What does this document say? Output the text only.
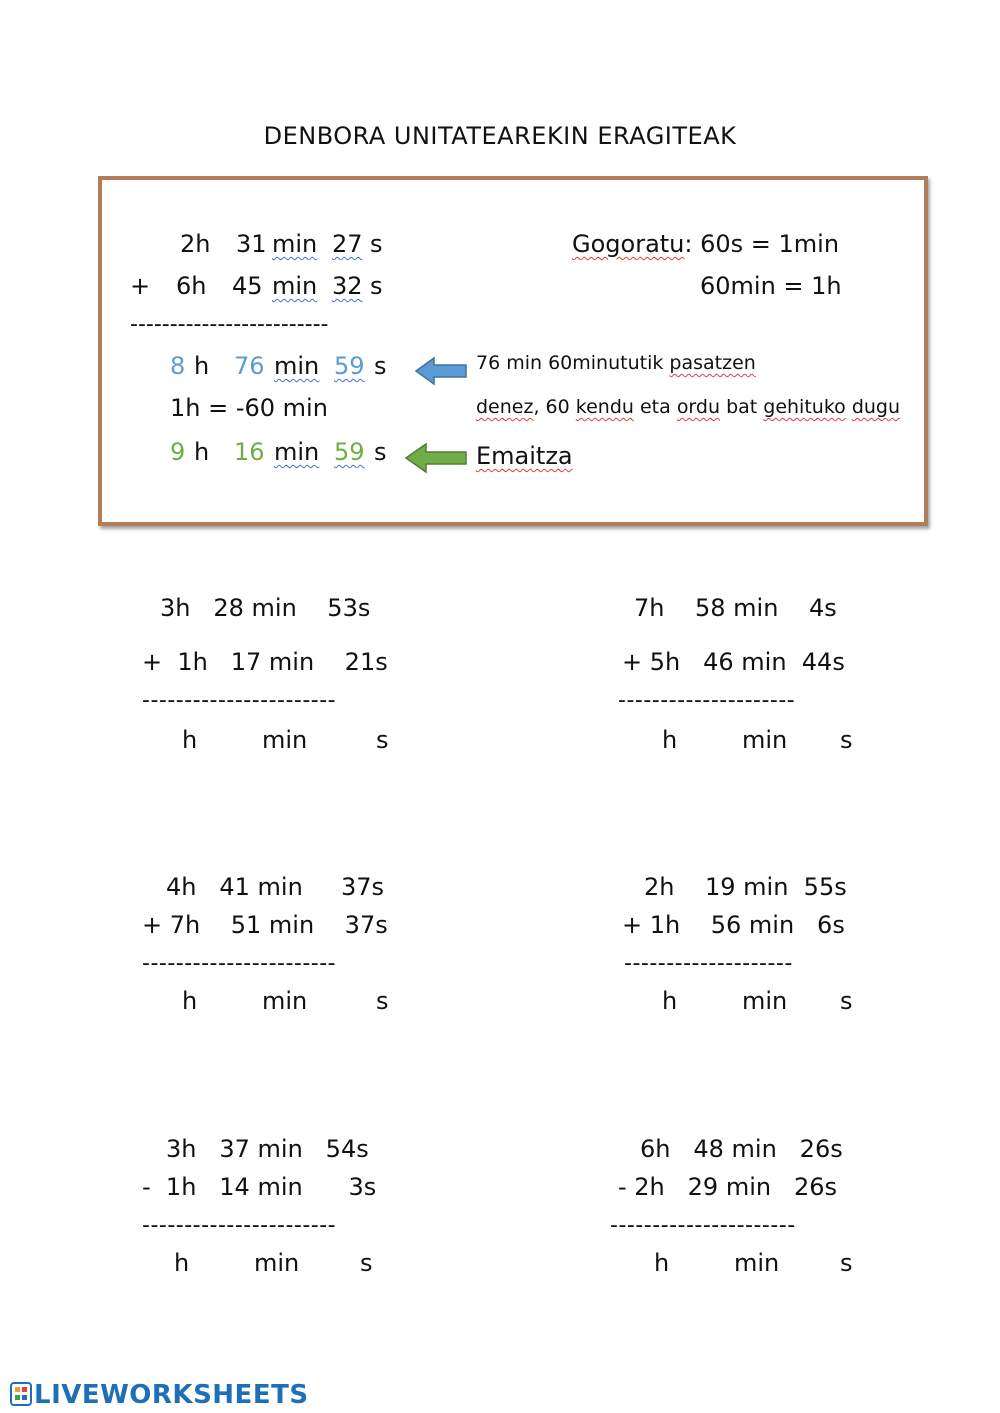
DENBORA UNITATEAREKIN ERAGITEAK
2h 31 min 27 s
+ 6h 45 min 32 s
-------------------------
8 h 76 min 59 s
1h = -60 min
9 h 16 min 59 s
Gogoratu: 60s = 1min
60min = 1h
76 min 60minututik pasatzen
denez, 60 kendu eta ordu bat gehituko dugu
Emaitza
3h   28 min    53s
+  1h   17 min    21s
-----------------------
h	min	s
7h    58 min    4s
+ 5h   46 min  44s
---------------------
h	min s
4h   41 min     37s
+ 7h    51 min    37s
-----------------------
h	min	s
2h    19 min  55s
+ 1h    56 min   6s
--------------------
h	min s
3h   37 min   54s
-  1h   14 min      3s
-----------------------
h	min	s
6h   48 min   26s
- 2h   29 min   26s
----------------------
h	min	s
LIVEWORKSHEETS
